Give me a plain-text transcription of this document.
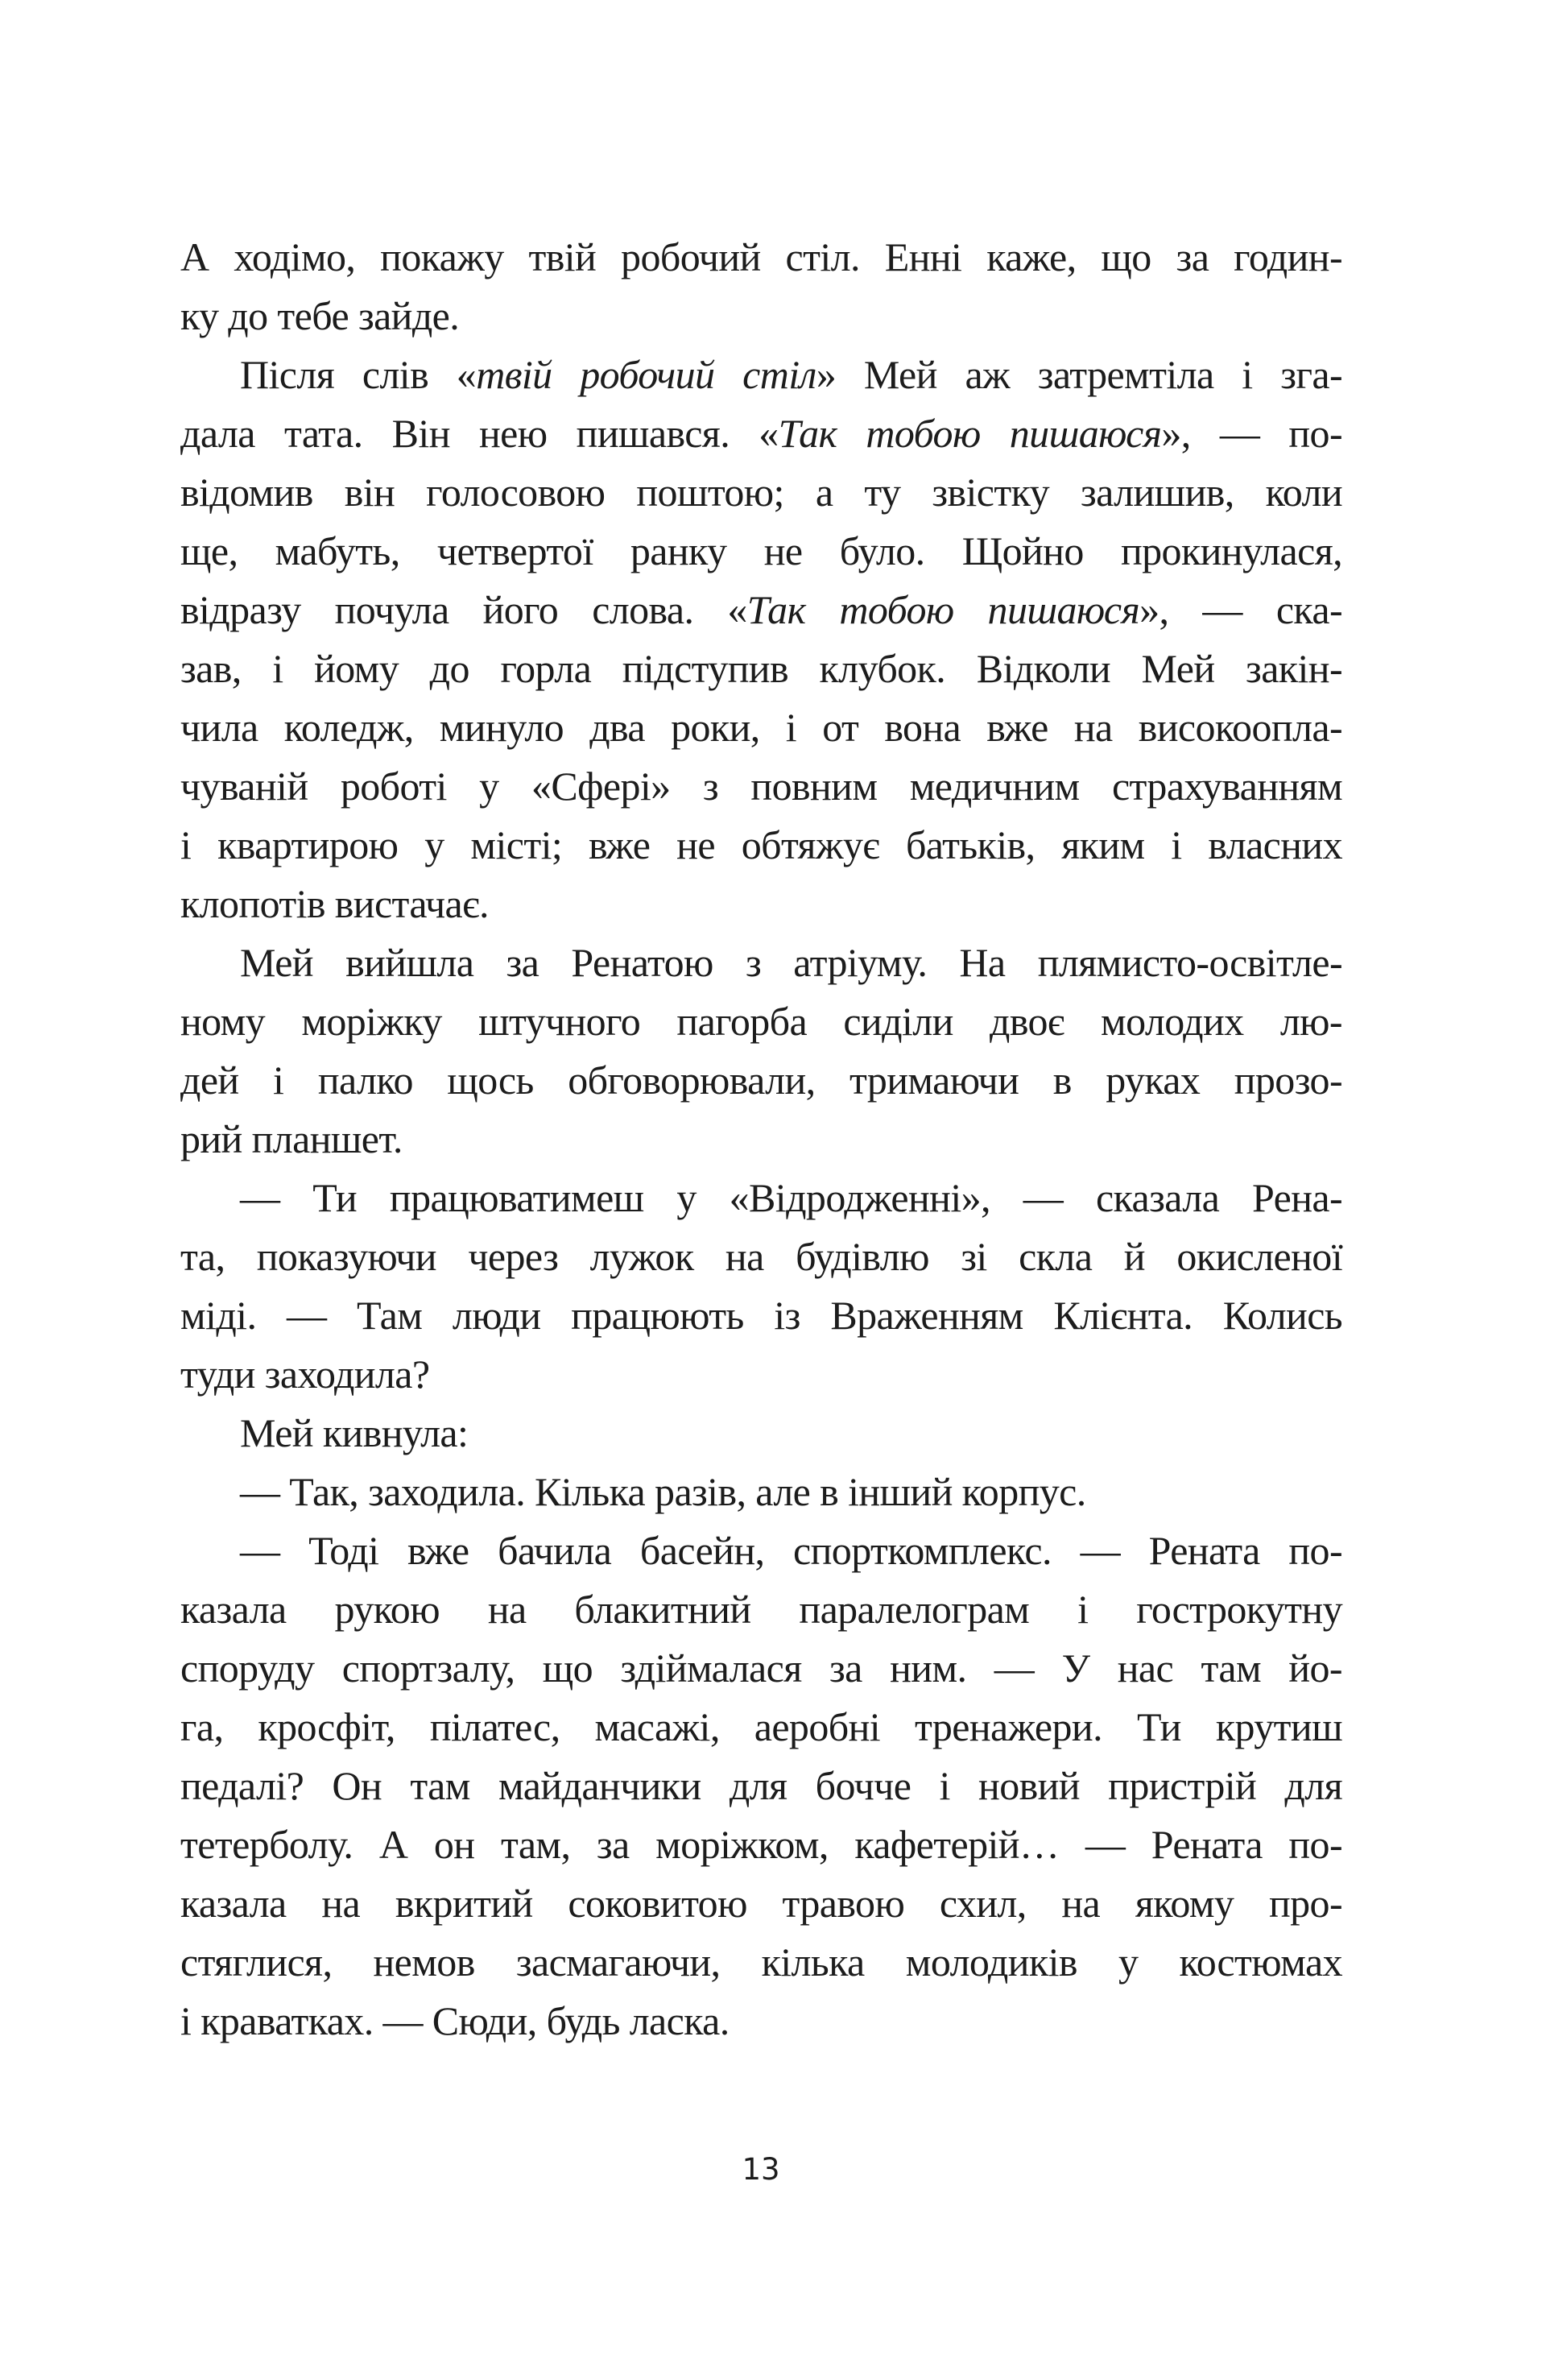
А ходімо, покажу твій робочий стіл. Енні каже, що за годин-
ку до тебе зайде.
Після слів «твій робочий стіл» Мей аж затремтіла і зга-
дала тата. Він нею пишався. «Так тобою пишаюся», — по-
відомив він голосовою поштою; а ту звістку залишив, коли
ще, мабуть, четвертої ранку не було. Щойно прокинулася,
відразу почула його слова. «Так тобою пишаюся», — ска-
зав, і йому до горла підступив клубок. Відколи Мей закін-
чила коледж, минуло два роки, і от вона вже на високоопла-
чуваній роботі у «Сфері» з повним медичним страхуванням
і квартирою у місті; вже не обтяжує батьків, яким і власних
клопотів вистачає.
Мей вийшла за Ренатою з атріуму. На плямисто-освітле-
ному моріжку штучного пагорба сиділи двоє молодих лю-
дей і палко щось обговорювали, тримаючи в руках прозо-
рий планшет.
— Ти працюватимеш у «Відродженні», — сказала Рена-
та, показуючи через лужок на будівлю зі скла й окисленої
міді. — Там люди працюють із Враженням Клієнта. Колись
туди заходила?
Мей кивнула:
— Так, заходила. Кілька разів, але в інший корпус.
— Тоді вже бачила басейн, спорткомплекс. — Рената по-
казала рукою на блакитний паралелограм і гострокутну
споруду спортзалу, що здіймалася за ним. — У нас там йо-
га, кросфіт, пілатес, масажі, аеробні тренажери. Ти крутиш
педалі? Он там майданчики для бочче і новий пристрій для
тетерболу. А он там, за моріжком, кафетерій… — Рената по-
казала на вкритий соковитою травою схил, на якому про-
стяглися, немов засмагаючи, кілька молодиків у костюмах
і краватках. — Сюди, будь ласка.
13
